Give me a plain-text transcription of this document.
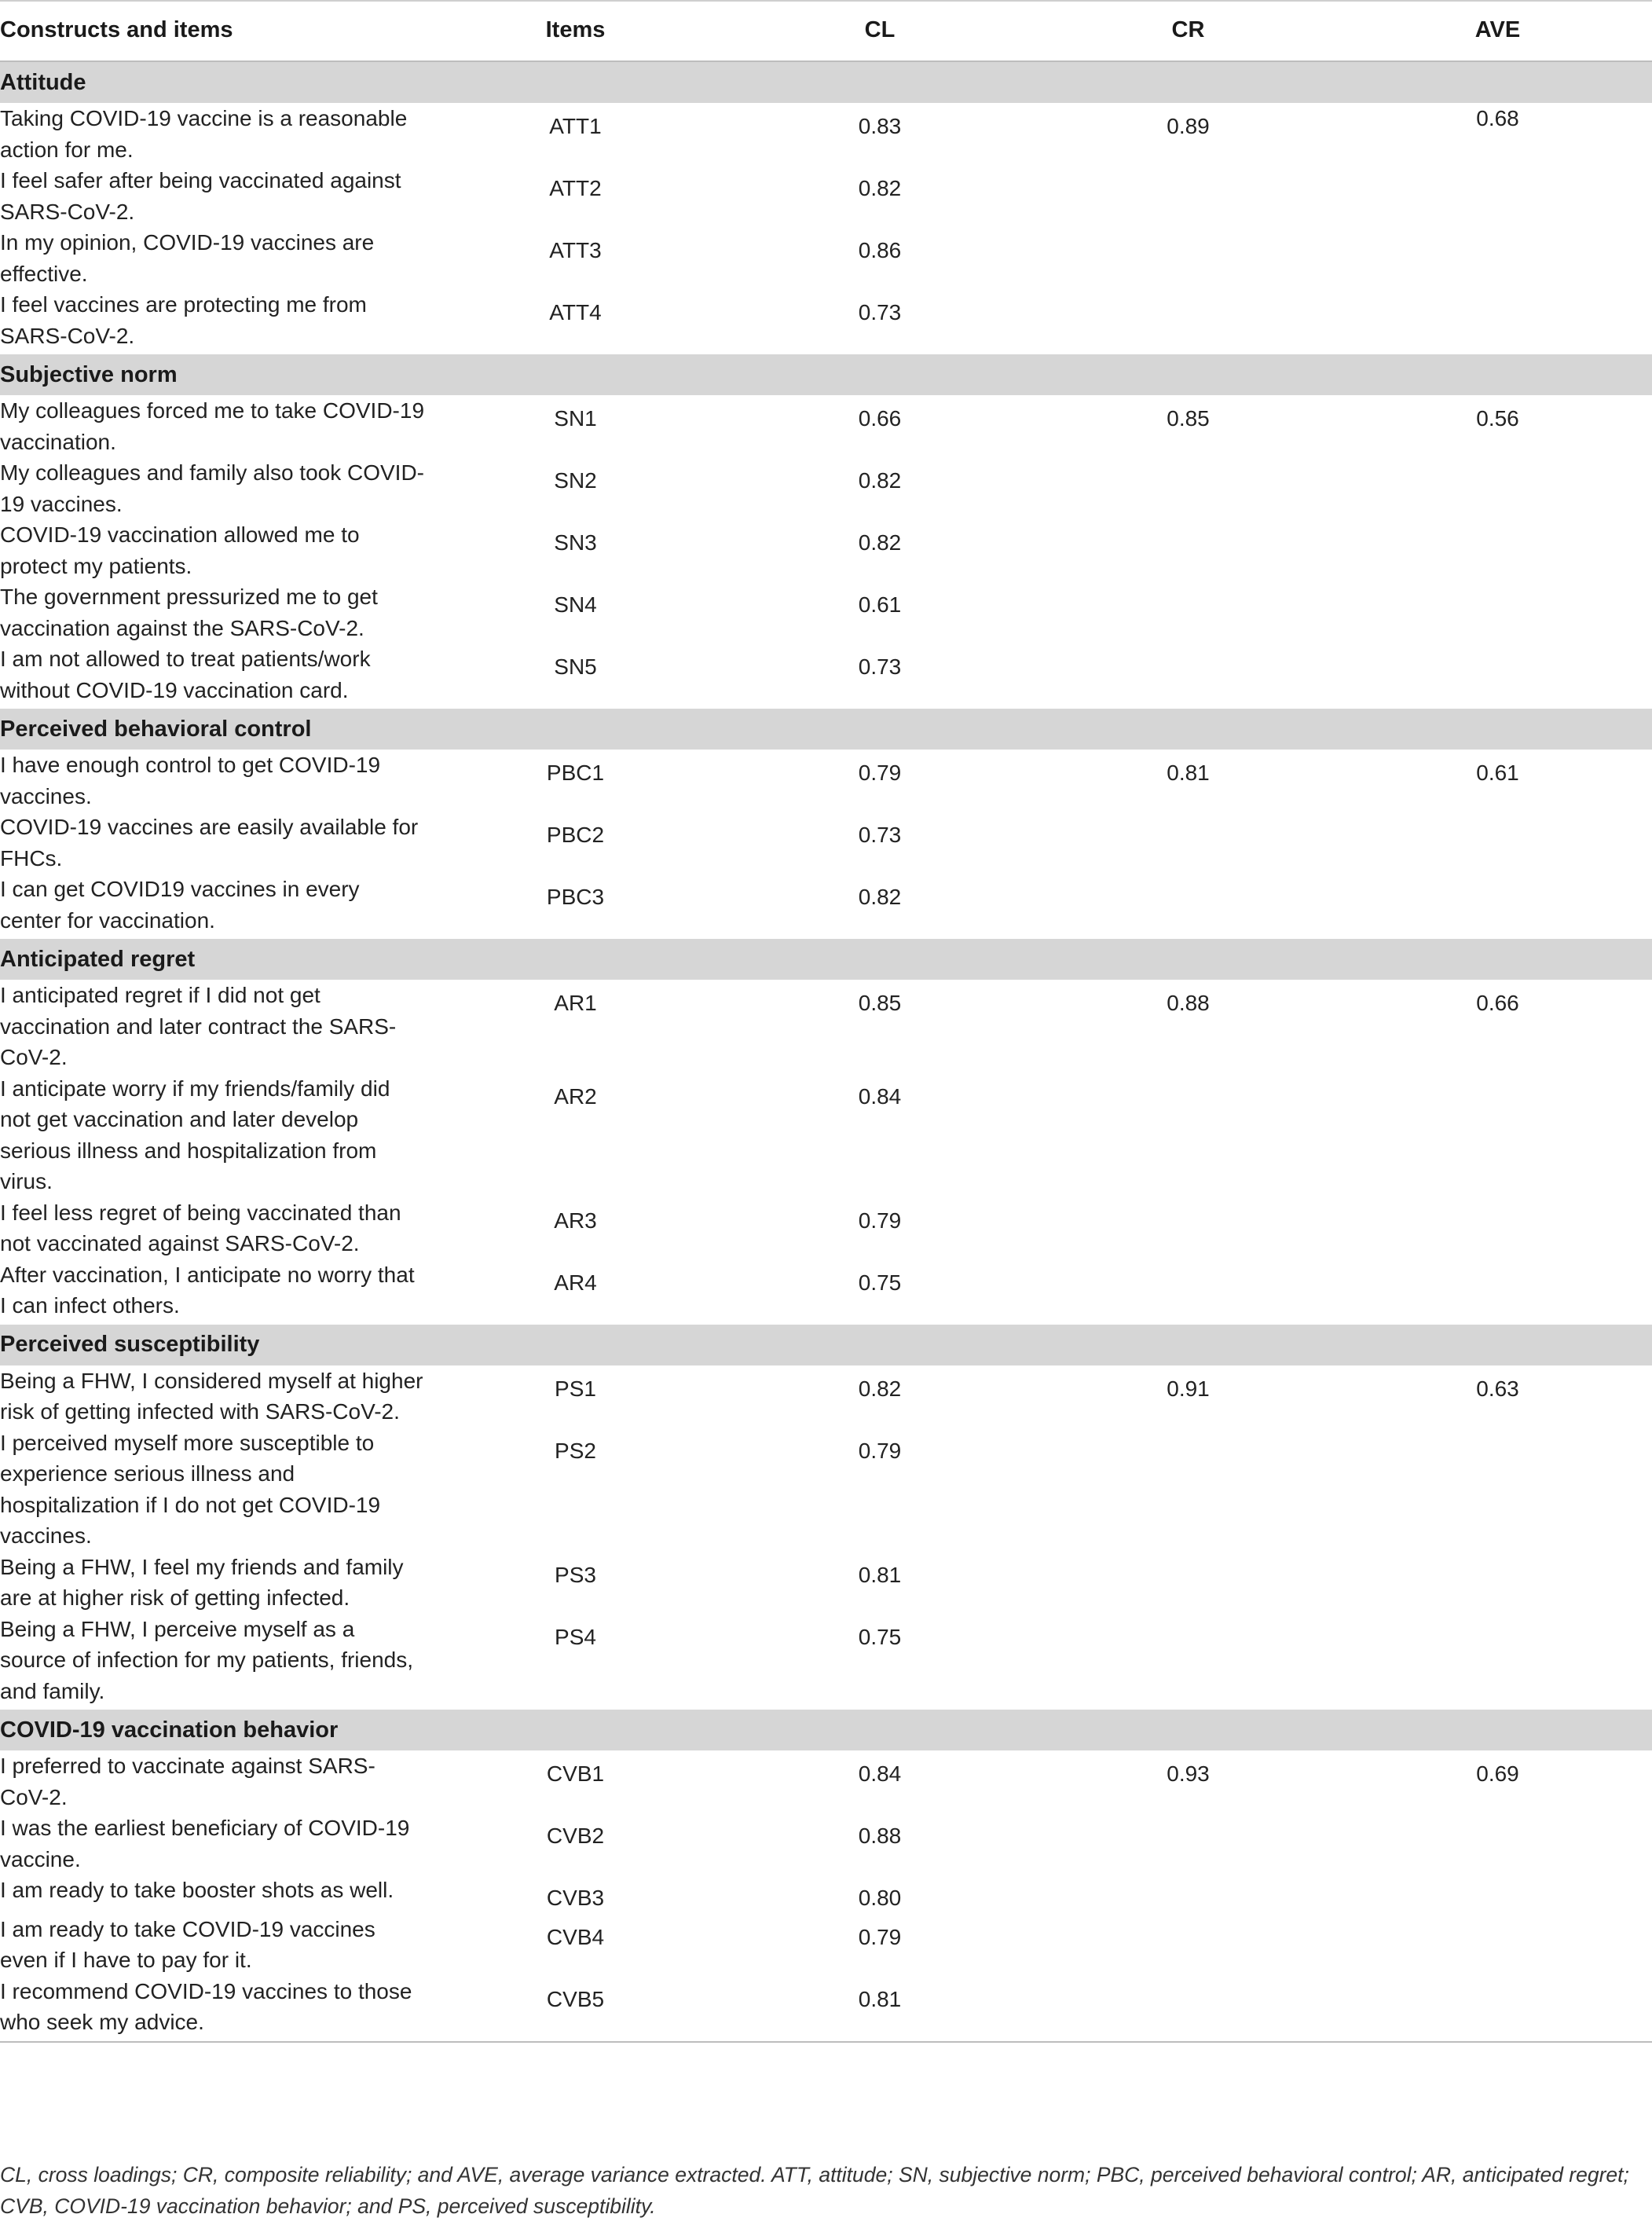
Constructs and items	Items	CL	CR	AVE
Attitude				
Taking COVID-19 vaccine is a reasonable action for me.	ATT1	0.83	0.89	0.68
I feel safer after being vaccinated against SARS-CoV-2.	ATT2	0.82		
In my opinion, COVID-19 vaccines are effective.	ATT3	0.86		
I feel vaccines are protecting me from SARS-CoV-2.	ATT4	0.73		
Subjective norm				
My colleagues forced me to take COVID-19 vaccination.	SN1	0.66	0.85	0.56
My colleagues and family also took COVID-19 vaccines.	SN2	0.82		
COVID-19 vaccination allowed me to protect my patients.	SN3	0.82		
The government pressurized me to get vaccination against the SARS-CoV-2.	SN4	0.61		
I am not allowed to treat patients/work without COVID-19 vaccination card.	SN5	0.73		
Perceived behavioral control				
I have enough control to get COVID-19 vaccines.	PBC1	0.79	0.81	0.61
COVID-19 vaccines are easily available for FHCs.	PBC2	0.73		
I can get COVID19 vaccines in every center for vaccination.	PBC3	0.82		
Anticipated regret				
I anticipated regret if I did not get vaccination and later contract the SARS-CoV-2.	AR1	0.85	0.88	0.66
I anticipate worry if my friends/family did not get vaccination and later develop serious illness and hospitalization from virus.	AR2	0.84		
I feel less regret of being vaccinated than not vaccinated against SARS-CoV-2.	AR3	0.79		
After vaccination, I anticipate no worry that I can infect others.	AR4	0.75		
Perceived susceptibility				
Being a FHW, I considered myself at higher risk of getting infected with SARS-CoV-2.	PS1	0.82	0.91	0.63
I perceived myself more susceptible to experience serious illness and hospitalization if I do not get COVID-19 vaccines.	PS2	0.79		
Being a FHW, I feel my friends and family are at higher risk of getting infected.	PS3	0.81		
Being a FHW, I perceive myself as a source of infection for my patients, friends, and family.	PS4	0.75		
COVID-19 vaccination behavior				
I preferred to vaccinate against SARS-CoV-2.	CVB1	0.84	0.93	0.69
I was the earliest beneficiary of COVID-19 vaccine.	CVB2	0.88		
I am ready to take booster shots as well.	CVB3	0.80		
I am ready to take COVID-19 vaccines even if I have to pay for it.	CVB4	0.79		
I recommend COVID-19 vaccines to those who seek my advice.	CVB5	0.81		
CL, cross loadings; CR, composite reliability; and AVE, average variance extracted. ATT, attitude; SN, subjective norm; PBC, perceived behavioral control; AR, anticipated regret; CVB, COVID-19 vaccination behavior; and PS, perceived susceptibility.
